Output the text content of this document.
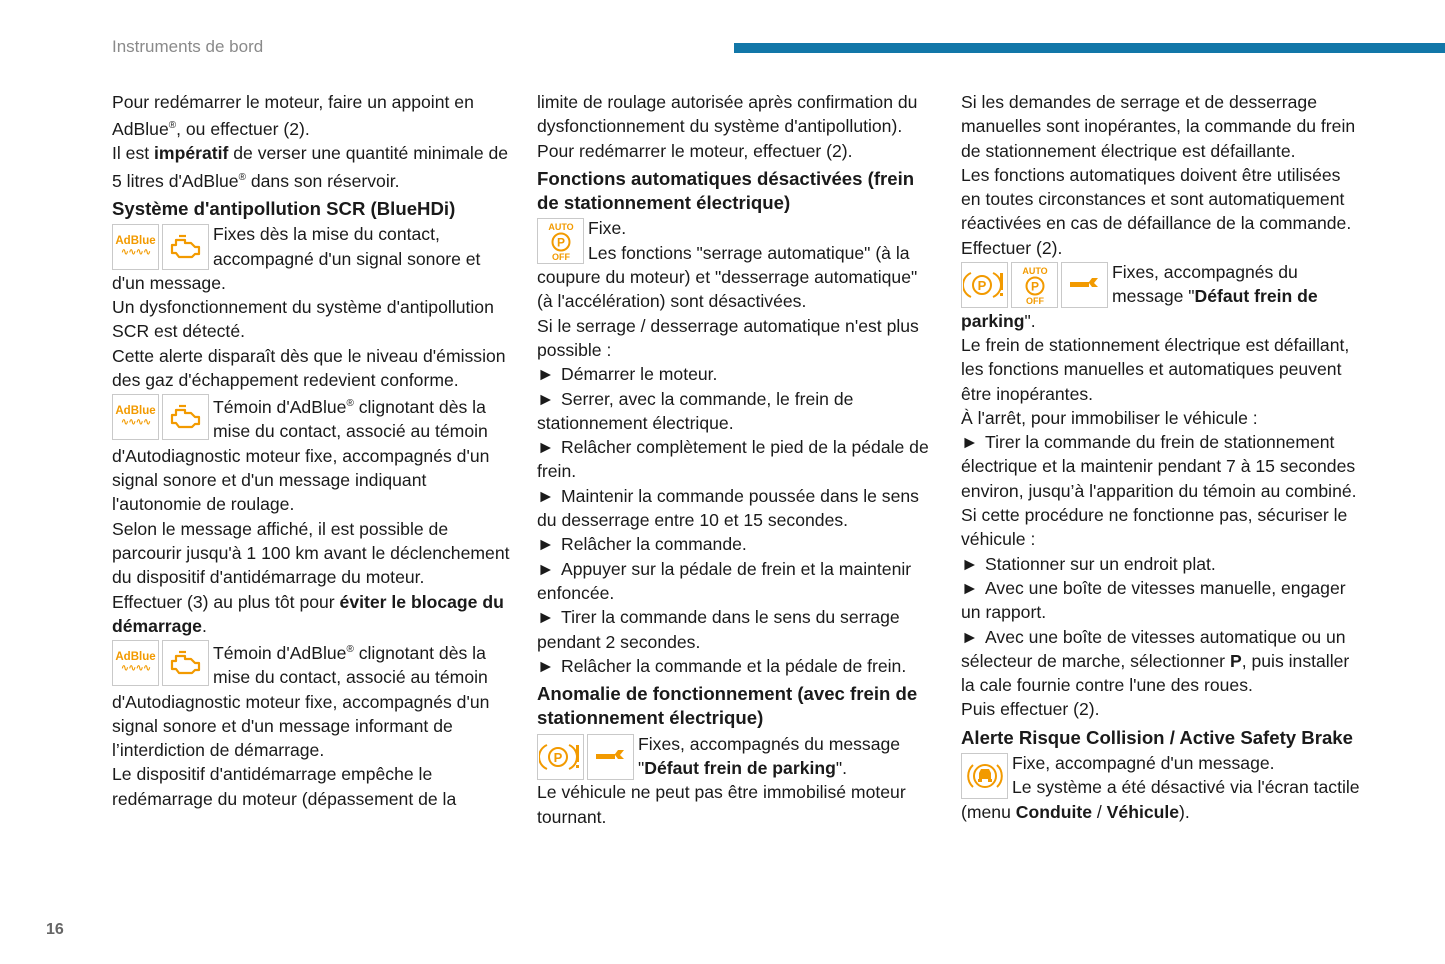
Instruments de bord
16

Pour redémarrer le moteur, faire un appoint en AdBlue®, ou effectuer (2).

Il est impératif de verser une quantité minimale de 5 litres d'AdBlue® dans son réservoir.

Système d'antipollution SCR (BlueHDi)
AdBlue
∿∿∿∿

Fixes dès la mise du contact, accompagné d'un signal sonore et d'un message.

Un dysfonctionnement du système d'antipollution SCR est détecté.

Cette alerte disparaît dès que le niveau d'émission des gaz d'échappement redevient conforme.

AdBlue
∿∿∿∿

Témoin d'AdBlue® clignotant dès la mise du contact, associé au témoin d'Autodiagnostic moteur fixe, accompagnés d'un signal sonore et d'un message indiquant l'autonomie de roulage.

Selon le message affiché, il est possible de parcourir jusqu'à 1 100 km avant le déclenchement du dispositif d'antidémarrage du moteur.

Effectuer (3) au plus tôt pour éviter le blocage du démarrage.

AdBlue
∿∿∿∿

Témoin d'AdBlue® clignotant dès la mise du contact, associé au témoin d'Autodiagnostic moteur fixe, accompagnés d'un signal sonore et d'un message informant de l’interdiction de démarrage.

Le dispositif d'antidémarrage empêche le redémarrage du moteur (dépassement de la

limite de roulage autorisée après confirmation du dysfonctionnement du système d'antipollution).

Pour redémarrer le moteur, effectuer (2).

Fonctions automatiques désactivées (frein de stationnement électrique)
AUTO
P
OFF

Fixe.

Les fonctions "serrage automatique" (à la coupure du moteur) et "desserrage automatique" (à l'accélération) sont désactivées.

Si le serrage / desserrage automatique n'est plus possible :

► Démarrer le moteur.

► Serrer, avec la commande, le frein de stationnement électrique.

► Relâcher complètement le pied de la pédale de frein.

► Maintenir la commande poussée dans le sens du desserrage entre 10 et 15 secondes.

► Relâcher la commande.

► Appuyer sur la pédale de frein et la maintenir enfoncée.

► Tirer la commande dans le sens du serrage pendant 2 secondes.

► Relâcher la commande et la pédale de frein.

Anomalie de fonctionnement (avec frein de stationnement électrique)
P

Fixes, accompagnés du message "Défaut frein de parking".

Le véhicule ne peut pas être immobilisé moteur tournant.

Si les demandes de serrage et de desserrage manuelles sont inopérantes, la commande du frein de stationnement électrique est défaillante.

Les fonctions automatiques doivent être utilisées en toutes circonstances et sont automatiquement réactivées en cas de défaillance de la commande.

Effectuer (2).

P
AUTO
P
OFF

Fixes, accompagnés du message "Défaut frein de parking".

Le frein de stationnement électrique est défaillant, les fonctions manuelles et automatiques peuvent être inopérantes.

À l'arrêt, pour immobiliser le véhicule :

► Tirer la commande du frein de stationnement électrique et la maintenir pendant 7 à 15 secondes environ, jusqu’à l'apparition du témoin au combiné.

Si cette procédure ne fonctionne pas, sécuriser le véhicule :

► Stationner sur un endroit plat.

► Avec une boîte de vitesses manuelle, engager un rapport.

► Avec une boîte de vitesses automatique ou un sélecteur de marche, sélectionner P, puis installer la cale fournie contre l'une des roues.

Puis effectuer (2).

Alerte Risque Collision / Active Safety Brake

Fixe, accompagné d'un message.

Le système a été désactivé via l'écran tactile (menu Conduite / Véhicule).
